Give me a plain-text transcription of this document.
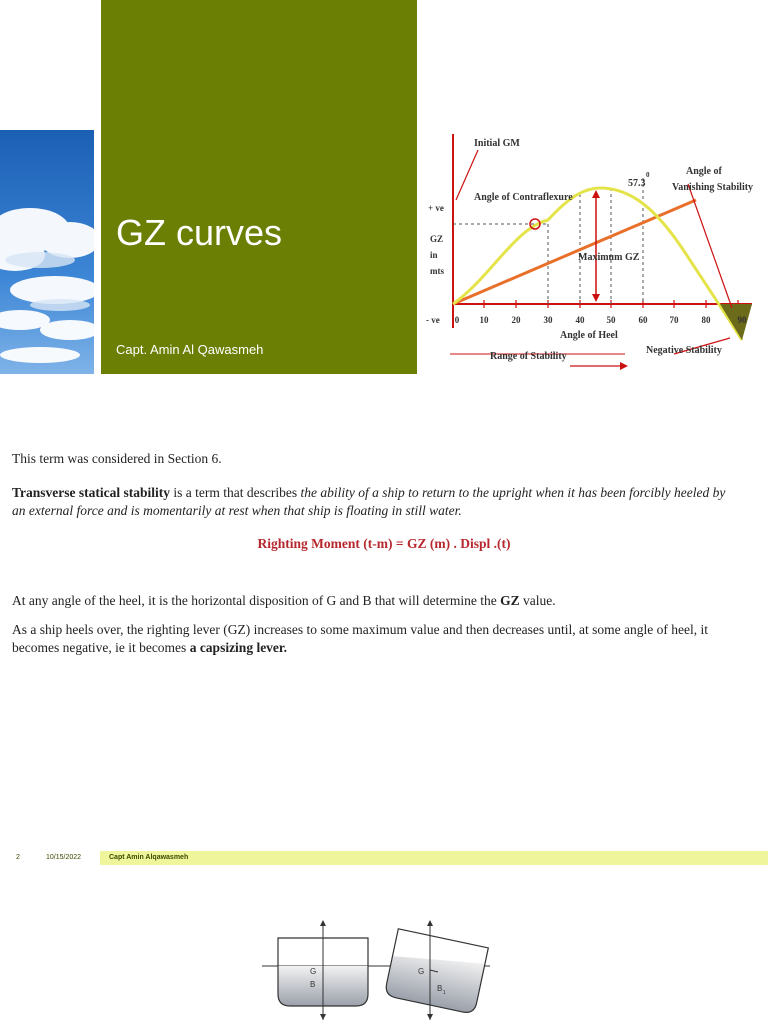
GZ curves
Capt. Amin Al Qawasmeh
Initial GM
+ ve
GZ
in
mts
- ve
Angle of Contraflexure
57.3
0	Angle of
Vanishing Stability
Maximum GZ
0 10	20	30	40 50	60 70	80	90
Angle of Heel
Range of Stability
Negative Stability
This term was considered in Section 6.
Transverse statical stability is a term that describes the ability of a ship to return to the upright when it has been forcibly heeled by an external force and is momentarily at rest when that ship is floating in still water.
Righting Moment (t-m) = GZ (m) . Displ .(t)
At any angle of the heel, it is the horizontal disposition of G and B that will determine the GZ value.
As a ship heels over, the righting lever (GZ) increases to some maximum value and then decreases until, at some angle of heel, it becomes negative, ie it becomes a capsizing lever.
2	10/15/2022	Capt Amin Alqawasmeh
G
B
G
B 1
